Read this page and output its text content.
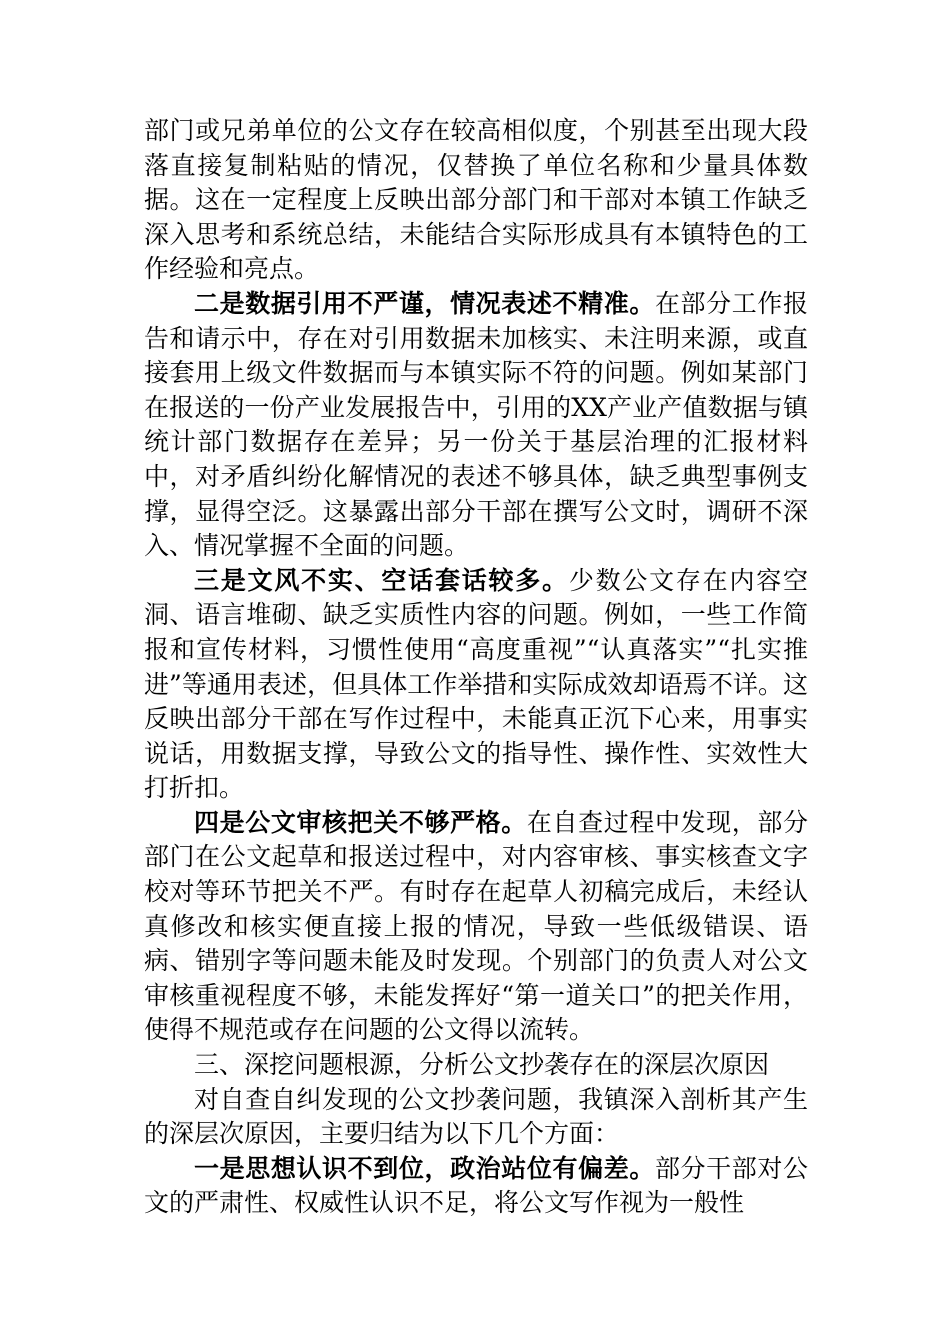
部门或兄弟单位的公文存在较高相似度，个别甚至出现大段落直接复制粘贴的情况，仅替换了单位名称和少量具体数据。这在一定程度上反映出部分部门和干部对本镇工作缺乏深入思考和系统总结，未能结合实际形成具有本镇特色的工作经验和亮点。

二是数据引用不严谨，情况表述不精准。在部分工作报告和请示中，存在对引用数据未加核实、未注明来源，或直接套用上级文件数据而与本镇实际不符的问题。例如某部门在报送的一份产业发展报告中，引用的XX产业产值数据与镇统计部门数据存在差异；另一份关于基层治理的汇报材料中，对矛盾纠纷化解情况的表述不够具体，缺乏典型事例支撑，显得空泛。这暴露出部分干部在撰写公文时，调研不深入、情况掌握不全面的问题。

三是文风不实、空话套话较多。少数公文存在内容空洞、语言堆砌、缺乏实质性内容的问题。例如，一些工作简报和宣传材料，习惯性使用“高度重视”“认真落实”“扎实推进”等通用表述，但具体工作举措和实际成效却语焉不详。这反映出部分干部在写作过程中，未能真正沉下心来，用事实说话，用数据支撑，导致公文的指导性、操作性、实效性大打折扣。

四是公文审核把关不够严格。在自查过程中发现，部分部门在公文起草和报送过程中，对内容审核、事实核查文字校对等环节把关不严。有时存在起草人初稿完成后，未经认真修改和核实便直接上报的情况，导致一些低级错误、语病、错别字等问题未能及时发现。个别部门的负责人对公文审核重视程度不够，未能发挥好“第一道关口”的把关作用，使得不规范或存在问题的公文得以流转。

三、深挖问题根源，分析公文抄袭存在的深层次原因

对自查自纠发现的公文抄袭问题，我镇深入剖析其产生的深层次原因，主要归结为以下几个方面：

一是思想认识不到位，政治站位有偏差。部分干部对公文的严肃性、权威性认识不足，将公文写作视为一般性
